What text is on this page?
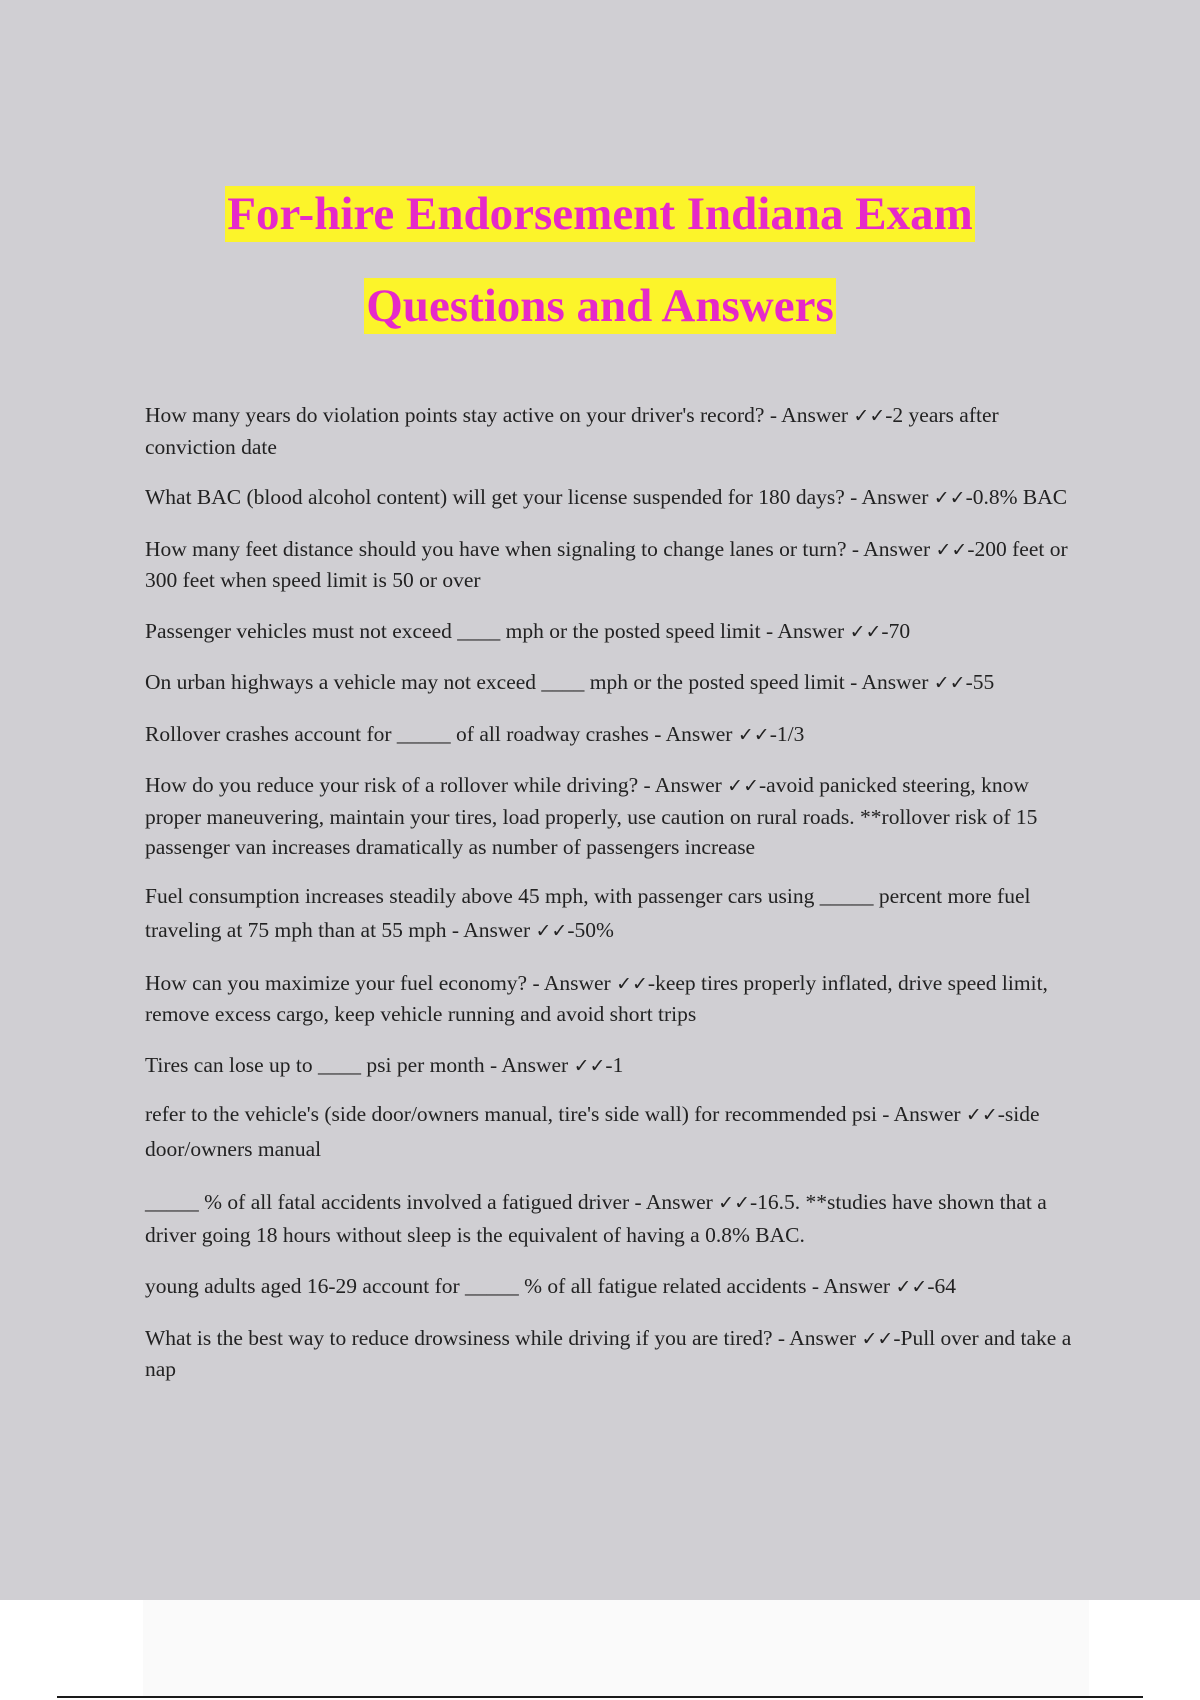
For-hire Endorsement Indiana Exam
Questions and Answers

How many years do violation points stay active on your driver's record? - Answer ✓✓-2 years after conviction date

What BAC (blood alcohol content) will get your license suspended for 180 days? - Answer ✓✓-0.8% BAC

How many feet distance should you have when signaling to change lanes or turn? - Answer ✓✓-200 feet or 300 feet when speed limit is 50 or over

Passenger vehicles must not exceed ____ mph or the posted speed limit - Answer ✓✓-70

On urban highways a vehicle may not exceed ____ mph or the posted speed limit - Answer ✓✓-55

Rollover crashes account for _____ of all roadway crashes - Answer ✓✓-1/3

How do you reduce your risk of a rollover while driving? - Answer ✓✓-avoid panicked steering, know proper maneuvering, maintain your tires, load properly, use caution on rural roads. **rollover risk of 15 passenger van increases dramatically as number of passengers increase

Fuel consumption increases steadily above 45 mph, with passenger cars using _____ percent more fuel traveling at 75 mph than at 55 mph - Answer ✓✓-50%

How can you maximize your fuel economy? - Answer ✓✓-keep tires properly inflated, drive speed limit, remove excess cargo, keep vehicle running and avoid short trips

Tires can lose up to ____ psi per month - Answer ✓✓-1

refer to the vehicle's (side door/owners manual, tire's side wall) for recommended psi - Answer ✓✓-side door/owners manual

_____ % of all fatal accidents involved a fatigued driver - Answer ✓✓-16.5. **studies have shown that a driver going 18 hours without sleep is the equivalent of having a 0.8% BAC.

young adults aged 16-29 account for _____ % of all fatigue related accidents - Answer ✓✓-64

What is the best way to reduce drowsiness while driving if you are tired? - Answer ✓✓-Pull over and take a nap
